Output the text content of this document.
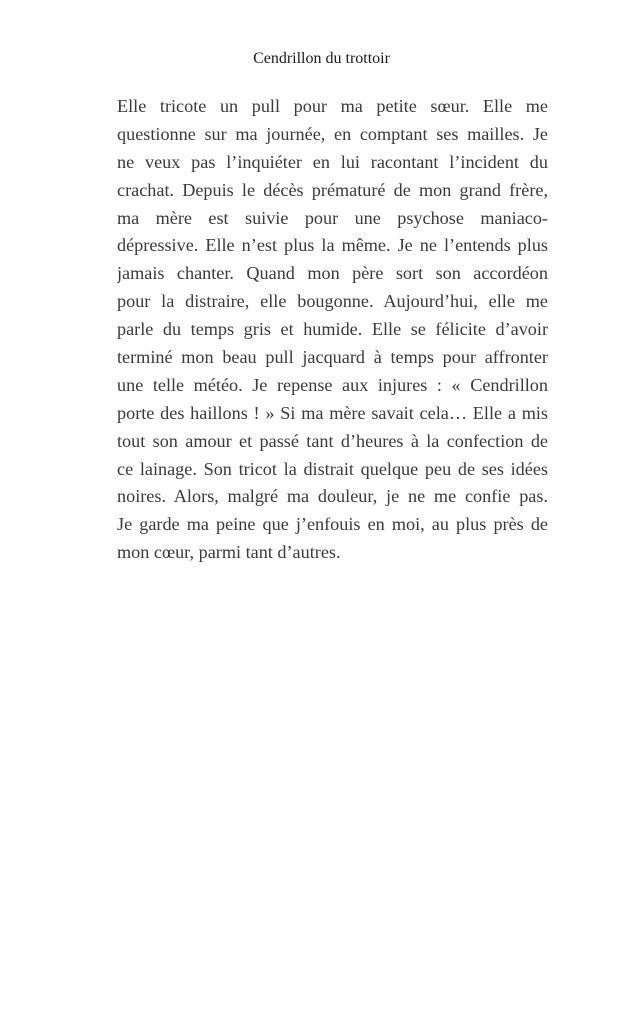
Cendrillon du trottoir
Elle tricote un pull pour ma petite sœur. Elle me
questionne sur ma journée, en comptant ses mailles. Je
ne veux pas l’inquiéter en lui racontant l’incident du
crachat. Depuis le décès prématuré de mon grand frère,
ma mère est suivie pour une psychose maniaco-
dépressive. Elle n’est plus la même. Je ne l’entends plus
jamais chanter. Quand mon père sort son accordéon
pour la distraire, elle bougonne. Aujourd’hui, elle me
parle du temps gris et humide. Elle se félicite d’avoir
terminé mon beau pull jacquard à temps pour affronter
une telle météo. Je repense aux injures : « Cendrillon
porte des haillons ! » Si ma mère savait cela… Elle a mis
tout son amour et passé tant d’heures à la confection de
ce lainage. Son tricot la distrait quelque peu de ses idées
noires. Alors, malgré ma douleur, je ne me confie pas.
Je garde ma peine que j’enfouis en moi, au plus près de
mon cœur, parmi tant d’autres.
